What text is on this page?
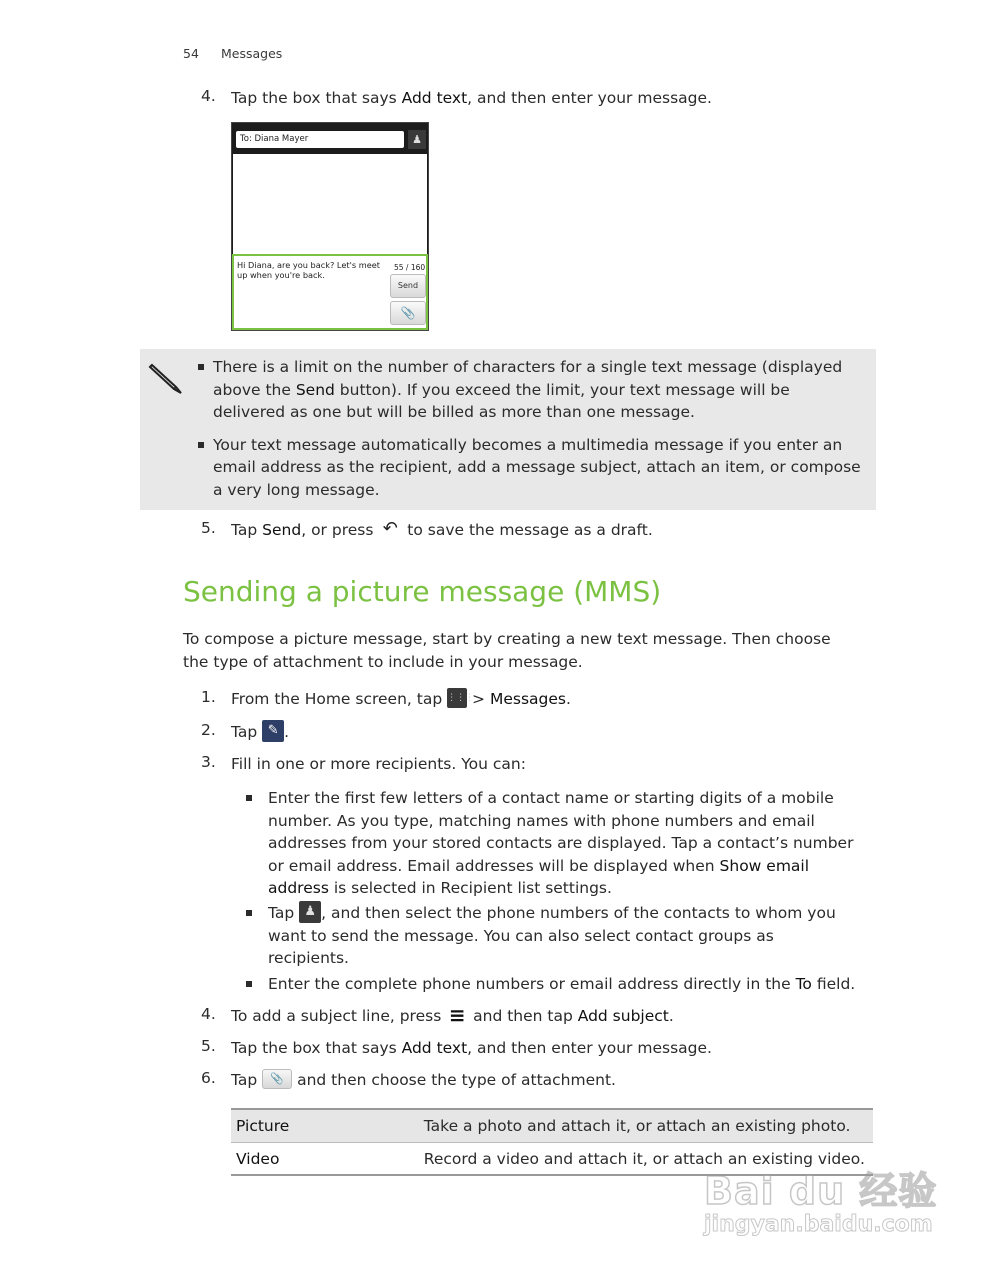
54 Messages
4. Tap the box that says Add text, and then enter your message.
To: Diana Mayer	♟
Hi Diana, are you back? Let's meet up when you're back.
55 / 160
Send
📎
There is a limit on the number of characters for a single text message (displayed
above the Send button). If you exceed the limit, your text message will be
delivered as one but will be billed as more than one message.
Your text message automatically becomes a multimedia message if you enter an
email address as the recipient, add a message subject, attach an item, or compose
a very long message.
5. Tap Send, or press ↶ to save the message as a draft.
Sending a picture message (MMS)
To compose a picture message, start by creating a new text message. Then choose
the type of attachment to include in your message.
1. From the Home screen, tap ⋮⋮⋮ > Messages.
2. Tap ✎ .
3. Fill in one or more recipients. You can:
Enter the first few letters of a contact name or starting digits of a mobile
number. As you type, matching names with phone numbers and email
addresses from your stored contacts are displayed. Tap a contact’s number
or email address. Email addresses will be displayed when Show email
address is selected in Recipient list settings.
Tap ♟ , and then select the phone numbers of the contacts to whom you
want to send the message. You can also select contact groups as
recipients.
Enter the complete phone numbers or email address directly in the To field.
4. To add a subject line, press ≡ and then tap Add subject.
5. Tap the box that says Add text, and then enter your message.
6. Tap 📎 and then choose the type of attachment.
Picture	Take a photo and attach it, or attach an existing photo.
Video	Record a video and attach it, or attach an existing video.
Bai du 经验
jingyan.baidu.com
